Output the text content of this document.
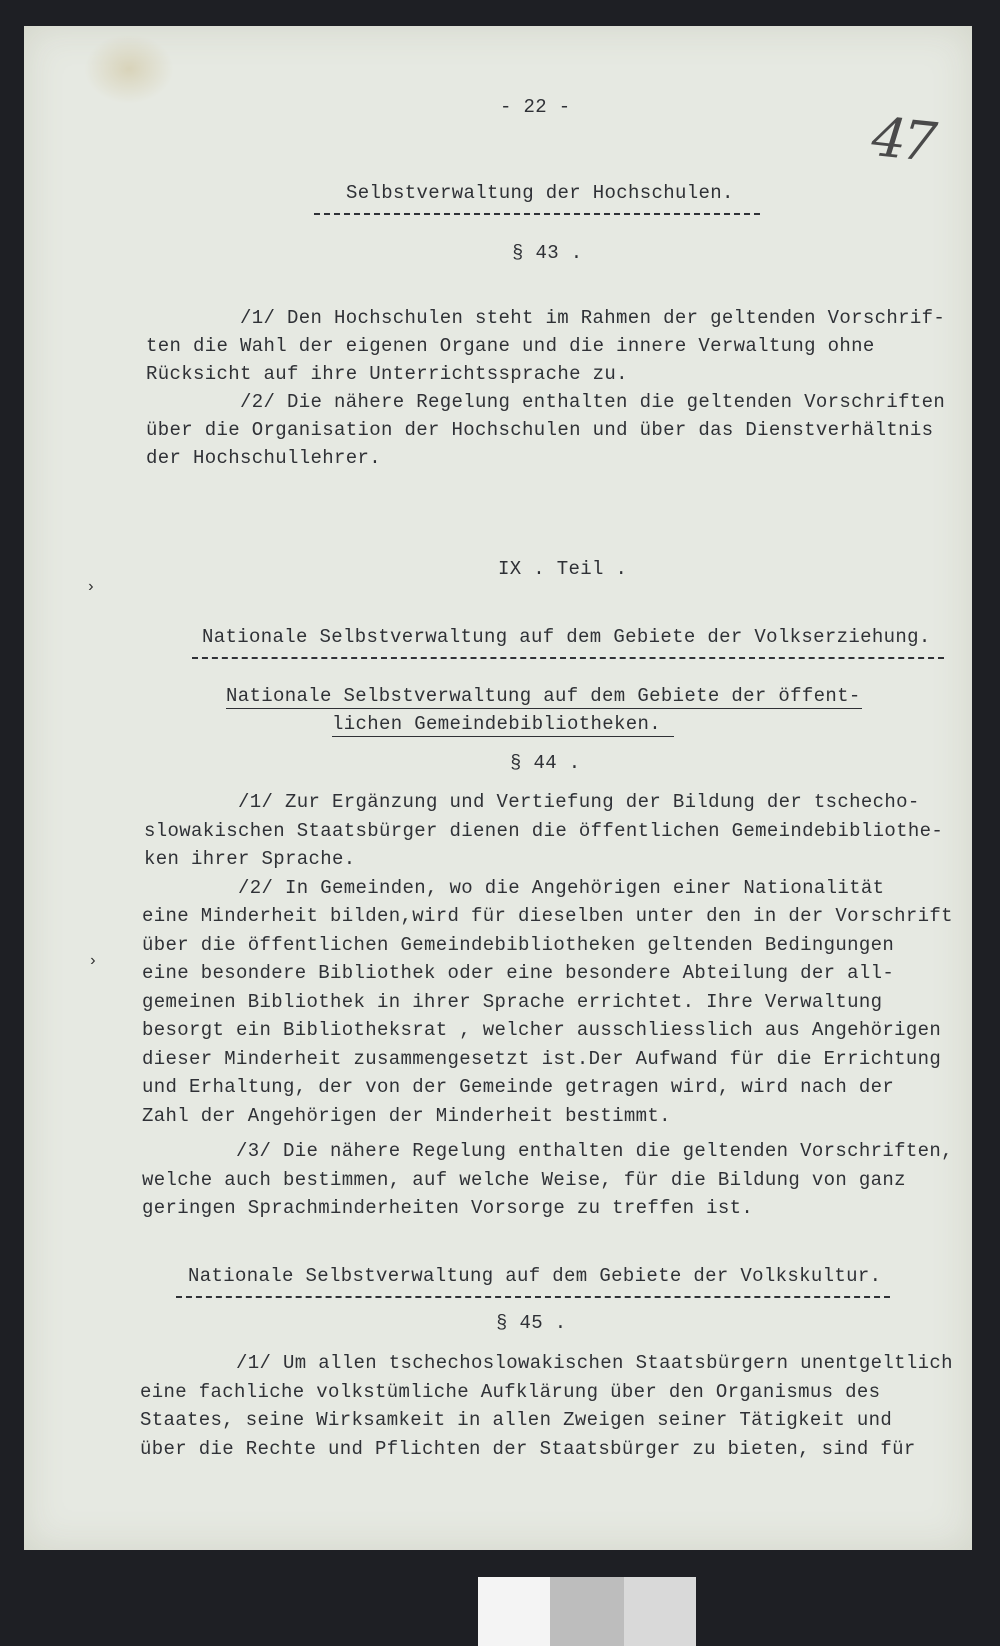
47
›
›
- 22 -
Selbstverwaltung der Hochschulen.
§ 43 .
/1/ Den Hochschulen steht im Rahmen der geltenden Vorschrif-
ten die Wahl der eigenen Organe und die innere Verwaltung ohne
Rücksicht auf ihre Unterrichtssprache zu.
/2/ Die nähere Regelung enthalten die geltenden Vorschriften
über die Organisation der Hochschulen und über das Dienstverhältnis
der Hochschullehrer.
IX . Teil .
Nationale Selbstverwaltung auf dem Gebiete der Volkserziehung.
Nationale Selbstverwaltung auf dem Gebiete der öffent-
lichen Gemeindebibliotheken.
§ 44 .
/1/ Zur Ergänzung und Vertiefung der Bildung der tschecho-
slowakischen Staatsbürger dienen die öffentlichen Gemeindebibliothe-
ken ihrer Sprache.
/2/ In Gemeinden, wo die Angehörigen einer Nationalität
eine Minderheit bilden,wird für dieselben unter den in der Vorschrift
über die öffentlichen Gemeindebibliotheken geltenden Bedingungen
eine besondere Bibliothek oder eine besondere Abteilung der all-
gemeinen Bibliothek in ihrer Sprache errichtet. Ihre Verwaltung
besorgt ein Bibliotheksrat , welcher ausschliesslich aus Angehörigen
dieser Minderheit zusammengesetzt ist.Der Aufwand für die Errichtung
und Erhaltung, der von der Gemeinde getragen wird, wird nach der
Zahl der Angehörigen der Minderheit bestimmt.
/3/ Die nähere Regelung enthalten die geltenden Vorschriften,
welche auch bestimmen, auf welche Weise, für die Bildung von ganz
geringen Sprachminderheiten Vorsorge zu treffen ist.
Nationale Selbstverwaltung auf dem Gebiete der Volkskultur.
§ 45 .
/1/ Um allen tschechoslowakischen Staatsbürgern unentgeltlich
eine fachliche volkstümliche Aufklärung über den Organismus des
Staates, seine Wirksamkeit in allen Zweigen seiner Tätigkeit und
über die Rechte und Pflichten der Staatsbürger zu bieten, sind für
